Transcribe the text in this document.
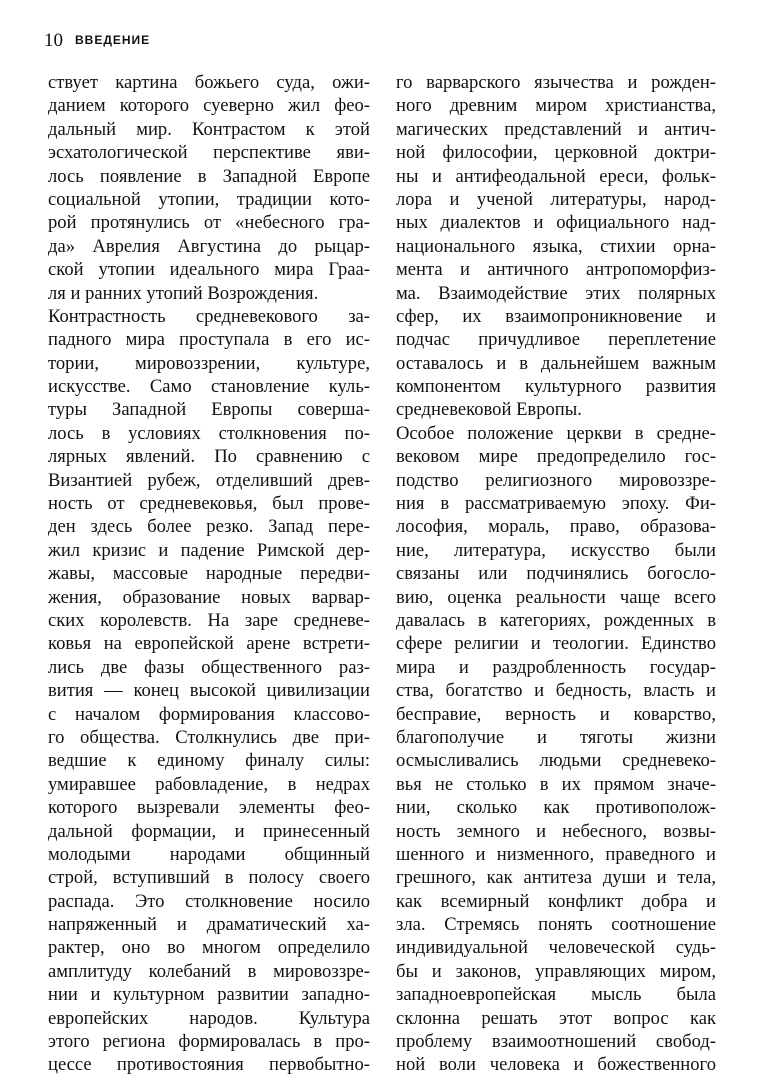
10 ВВЕДЕНИЕ
ствует картина божьего суда, ожи-
данием которого суеверно жил фео-
дальный мир. Контрастом к этой
эсхатологической перспективе яви-
лось появление в Западной Европе
социальной утопии, традиции кото-
рой протянулись от «небесного гра-
да» Аврелия Августина до рыцар-
ской утопии идеального мира Граа-
ля и ранних утопий Возрождения.
Контрастность средневекового за-
падного мира проступала в его ис-
тории, мировоззрении, культуре,
искусстве. Само становление куль-
туры Западной Европы соверша-
лось в условиях столкновения по-
лярных явлений. По сравнению с
Византией рубеж, отделивший древ-
ность от средневековья, был прове-
ден здесь более резко. Запад пере-
жил кризис и падение Римской дер-
жавы, массовые народные передви-
жения, образование новых варвар-
ских королевств. На заре средневе-
ковья на европейской арене встрети-
лись две фазы общественного раз-
вития — конец высокой цивилизации
с началом формирования классово-
го общества. Столкнулись две при-
ведшие к единому финалу силы:
умиравшее рабовладение, в недрах
которого вызревали элементы фео-
дальной формации, и принесенный
молодыми народами общинный
строй, вступивший в полосу своего
распада. Это столкновение носило
напряженный и драматический ха-
рактер, оно во многом определило
амплитуду колебаний в мировоззре-
нии и культурном развитии западно-
европейских народов. Культура
этого региона формировалась в про-
цессе противостояния первобытно-
го варварского язычества и рожден-
ного древним миром христианства,
магических представлений и антич-
ной философии, церковной доктри-
ны и антифеодальной ереси, фольк-
лора и ученой литературы, народ-
ных диалектов и официального над-
национального языка, стихии орна-
мента и античного антропоморфиз-
ма. Взаимодействие этих полярных
сфер, их взаимопроникновение и
подчас причудливое переплетение
оставалось и в дальнейшем важным
компонентом культурного развития
средневековой Европы.
Особое положение церкви в средне-
вековом мире предопределило гос-
подство религиозного мировоззре-
ния в рассматриваемую эпоху. Фи-
лософия, мораль, право, образова-
ние, литература, искусство были
связаны или подчинялись богосло-
вию, оценка реальности чаще всего
давалась в категориях, рожденных в
сфере религии и теологии. Единство
мира и раздробленность государ-
ства, богатство и бедность, власть и
бесправие, верность и коварство,
благополучие и тяготы жизни
осмысливались людьми средневеко-
вья не столько в их прямом значе-
нии, сколько как противополож-
ность земного и небесного, возвы-
шенного и низменного, праведного и
грешного, как антитеза души и тела,
как всемирный конфликт добра и
зла. Стремясь понять соотношение
индивидуальной человеческой судь-
бы и законов, управляющих миром,
западноевропейская мысль была
склонна решать этот вопрос как
проблему взаимоотношений свобод-
ной воли человека и божественного
